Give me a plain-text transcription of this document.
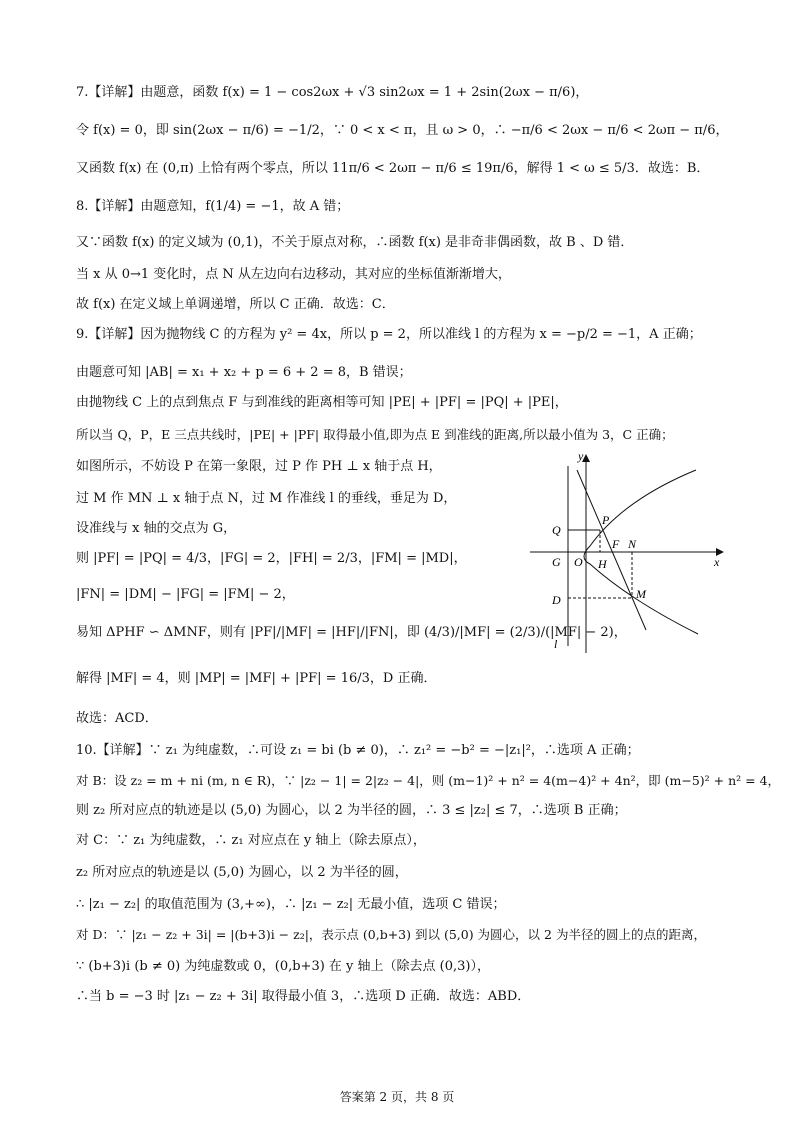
7.【详解】由题意，函数 f(x) = 1 − cos2ωx + √3 sin2ωx = 1 + 2sin(2ωx − π/6)，
令 f(x) = 0，即 sin(2ωx − π/6) = −1/2，∵ 0 < x < π，且 ω > 0，∴ −π/6 < 2ωx − π/6 < 2ωπ − π/6，
又函数 f(x) 在 (0,π) 上恰有两个零点，所以 11π/6 < 2ωπ − π/6 ≤ 19π/6，解得 1 < ω ≤ 5/3．故选：B．
8.【详解】由题意知，f(1/4) = −1，故 A 错；
又∵函数 f(x) 的定义域为 (0,1)，不关于原点对称，∴函数 f(x) 是非奇非偶函数，故 B 、D 错．
当 x 从 0→1 变化时，点 N 从左边向右边移动，其对应的坐标值渐渐增大，
故 f(x) 在定义域上单调递增，所以 C 正确．故选：C．
9.【详解】因为抛物线 C 的方程为 y² = 4x，所以 p = 2，所以准线 l 的方程为 x = −p/2 = −1，A 正确；
由题意可知 |AB| = x₁ + x₂ + p = 6 + 2 = 8，B 错误；
由抛物线 C 上的点到焦点 F 与到准线的距离相等可知 |PE| + |PF| = |PQ| + |PE|，
所以当 Q，P，E 三点共线时，|PE| + |PF| 取得最小值,即为点 E 到准线的距离,所以最小值为 3，C 正确；
如图所示，不妨设 P 在第一象限，过 P 作 PH ⊥ x 轴于点 H，
过 M 作 MN ⊥ x 轴于点 N，过 M 作准线 l 的垂线，垂足为 D，
设准线与 x 轴的交点为 G，
则 |PF| = |PQ| = 4/3，|FG| = 2，|FH| = 2/3，|FM| = |MD|，
|FN| = |DM| − |FG| = |FM| − 2，
易知 ΔPHF ∽ ΔMNF，则有 |PF|/|MF| = |HF|/|FN|，即 (4/3)/|MF| = (2/3)/(|MF| − 2)，
解得 |MF| = 4，则 |MP| = |MF| + |PF| = 16/3，D 正确．
故选：ACD．
10.【详解】∵ z₁ 为纯虚数，∴可设 z₁ = bi (b ≠ 0)，∴ z₁² = −b² = −|z₁|²，∴选项 A 正确；
对 B：设 z₂ = m + ni (m, n ∈ R)，∵ |z₂ − 1| = 2|z₂ − 4|，则 (m−1)² + n² = 4(m−4)² + 4n²，即 (m−5)² + n² = 4，
则 z₂ 所对应点的轨迹是以 (5,0) 为圆心，以 2 为半径的圆，∴ 3 ≤ |z₂| ≤ 7，∴选项 B 正确；
对 C：∵ z₁ 为纯虚数，∴ z₁ 对应点在 y 轴上（除去原点），
z₂ 所对应点的轨迹是以 (5,0) 为圆心，以 2 为半径的圆，
∴ |z₁ − z₂| 的取值范围为 (3,+∞)，∴ |z₁ − z₂| 无最小值，选项 C 错误；
对 D：∵ |z₁ − z₂ + 3i| = |(b+3)i − z₂|，表示点 (0,b+3) 到以 (5,0) 为圆心，以 2 为半径的圆上的点的距离，
∵ (b+3)i (b ≠ 0) 为纯虚数或 0，(0,b+3) 在 y 轴上（除去点 (0,3)），
∴当 b = −3 时 |z₁ − z₂ + 3i| 取得最小值 3，∴选项 D 正确．故选：ABD．
y
x
O
G
Q
P
F N
H
D	M
l
答案第 2 页，共 8 页
